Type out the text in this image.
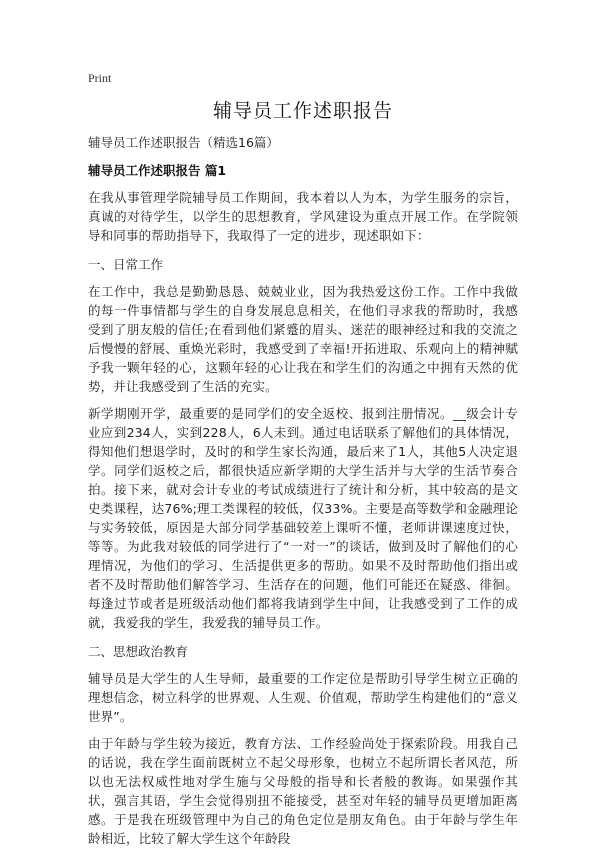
Print
辅导员工作述职报告
辅导员工作述职报告（精选16篇）
辅导员工作述职报告 篇1

在我从事管理学院辅导员工作期间，我本着以人为本，为学生服务的宗旨，真诚的对待学生，以学生的思想教育，学风建设为重点开展工作。在学院领导和同事的帮助指导下，我取得了一定的进步，现述职如下：

一、日常工作

在工作中，我总是勤勤恳恳、兢兢业业，因为我热爱这份工作。工作中我做的每一件事情都与学生的自身发展息息相关，在他们寻求我的帮助时，我感受到了朋友般的信任;在看到他们紧蹙的眉头、迷茫的眼神经过和我的交流之后慢慢的舒展、重焕光彩时，我感受到了幸福!开拓进取、乐观向上的精神赋予我一颗年轻的心，这颗年轻的心让我在和学生们的沟通之中拥有天然的优势，并让我感受到了生活的充实。

新学期刚开学，最重要的是同学们的安全返校、报到注册情况。__级会计专业应到234人，实到228人，6人未到。通过电话联系了解他们的具体情况，得知他们想退学时，及时的和学生家长沟通，最后来了1人，其他5人决定退学。同学们返校之后，都很快适应新学期的大学生活并与大学的生活节奏合拍。接下来，就对会计专业的考试成绩进行了统计和分析，其中较高的是文史类课程，达76%;理工类课程的较低，仅33%。主要是高等数学和金融理论与实务较低，原因是大部分同学基础较差上课听不懂，老师讲课速度过快，等等。为此我对较低的同学进行了“一对一”的谈话，做到及时了解他们的心理情况，为他们的学习、生活提供更多的帮助。如果不及时帮助他们指出或者不及时帮助他们解答学习、生活存在的问题，他们可能还在疑惑、徘徊。每逢过节或者是班级活动他们都将我请到学生中间，让我感受到了工作的成就，我爱我的学生，我爱我的辅导员工作。

二、思想政治教育

辅导员是大学生的人生导师，最重要的工作定位是帮助引导学生树立正确的理想信念，树立科学的世界观、人生观、价值观，帮助学生构建他们的“意义世界”。

由于年龄与学生较为接近，教育方法、工作经验尚处于探索阶段。用我自己的话说，我在学生面前既树立不起父母形象，也树立不起所谓长者风范，所以也无法权威性地对学生施与父母般的指导和长者般的教诲。如果强作其状，强言其语，学生会觉得别扭不能接受，甚至对年轻的辅导员更增加距离感。于是我在班级管理中为自己的角色定位是朋友角色。由于年龄与学生年龄相近，比较了解大学生这个年龄段
